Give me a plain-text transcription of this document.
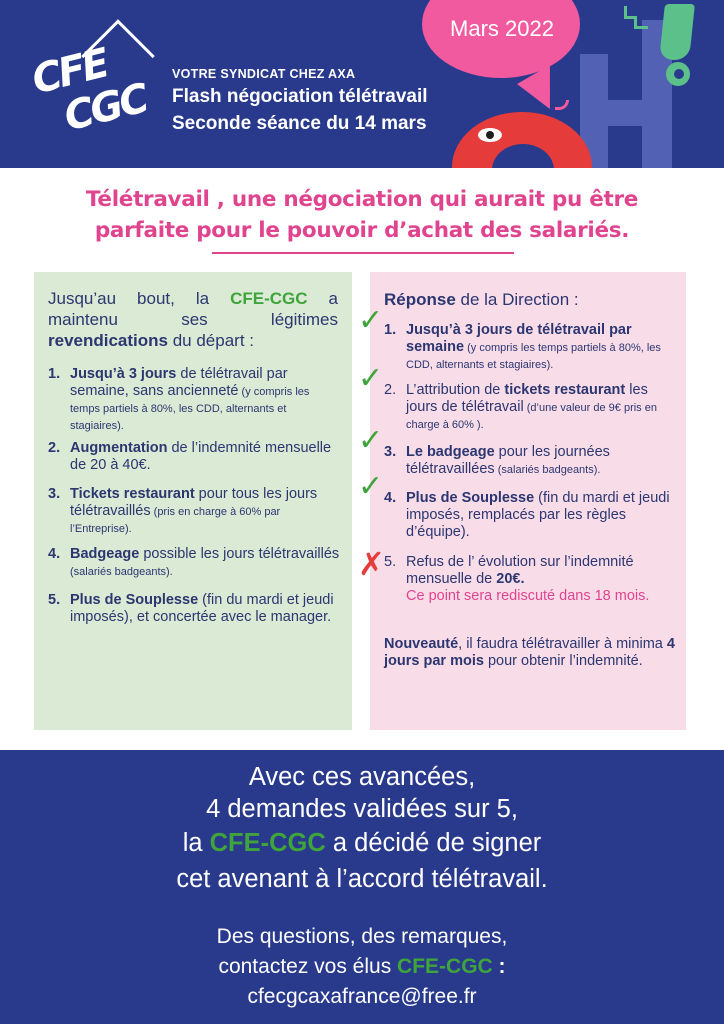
CFE
CGC
VOTRE SYNDICAT CHEZ AXA
Flash négociation télétravail
Seconde séance du 14 mars
Mars 2022
Télétravail , une négociation qui aurait pu être
parfaite pour le pouvoir d’achat des salariés.
Jusqu’au bout, la CFE-CGC a maintenu ses légitimes revendications du départ :
1. Jusqu’à 3 jours de télétravail par semaine, sans ancienneté (y compris les temps partiels à 80%, les CDD, alternants et stagiaires).
2. Augmentation de l’indemnité mensuelle de 20 à 40€.
3. Tickets restaurant pour tous les jours télétravaillés (pris en charge à 60% par l’Entreprise).
4. Badgeage possible les jours télétravaillés (salariés badgeants).
5. Plus de Souplesse (fin du mardi et jeudi imposés), et concertée avec le manager.
Réponse de la Direction :
✓ 1. Jusqu’à 3 jours de télétravail par semaine (y compris les temps partiels à 80%, les CDD, alternants et stagiaires).
✓ 2. L’attribution de tickets restaurant les jours de télétravail (d’une valeur de 9€ pris en charge à 60% ).
✓ 3. Le badgeage pour les journées télétravaillées (salariés badgeants).
✓ 4. Plus de Souplesse (fin du mardi et jeudi imposés, remplacés par les règles d’équipe).
✗ 5. Refus de l’ évolution sur l’indemnité mensuelle de 20€.
Ce point sera rediscuté dans 18 mois.
Nouveauté, il faudra télétravailler à minima 4 jours par mois pour obtenir l’indemnité.
Avec ces avancées,
4 demandes validées sur 5,
la CFE-CGC a décidé de signer
cet avenant à l’accord télétravail.
Des questions, des remarques,
contactez vos élus CFE-CGC :
cfecgcaxafrance@free.fr
